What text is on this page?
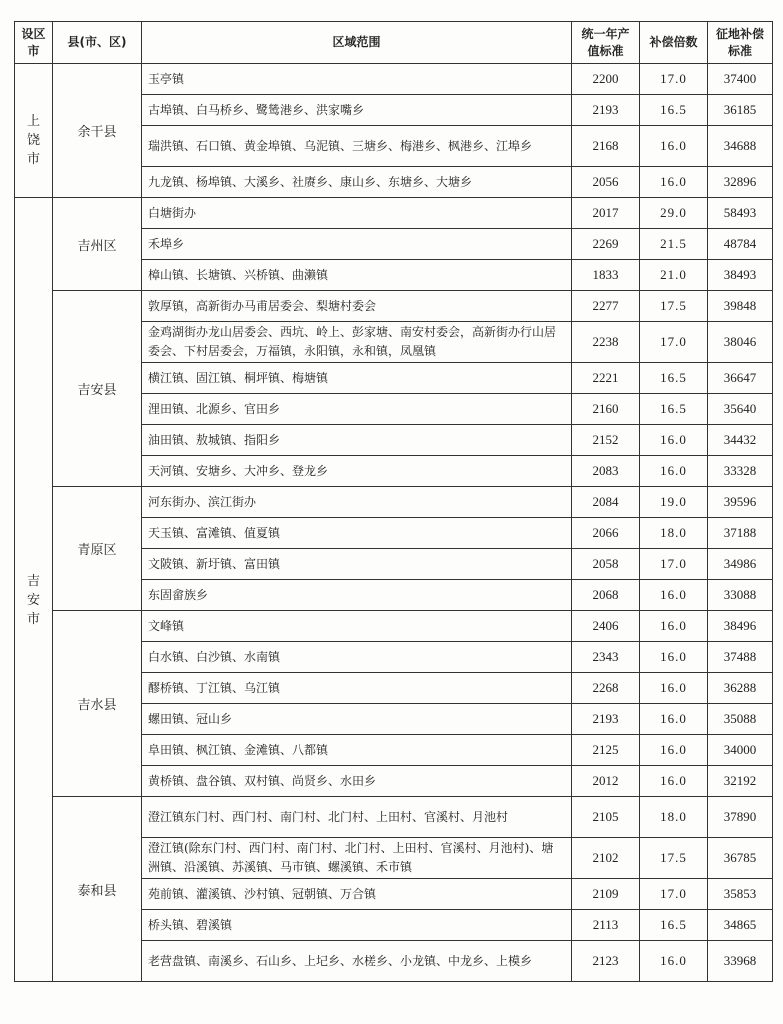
设区市	县(市、区)	区域范围	统一年产值标准	补偿倍数	征地补偿标准
上饶市	余干县	玉亭镇	2200	17.0	37400
		古埠镇、白马桥乡、鹭鸶港乡、洪家嘴乡	2193	16.5	36185
		瑞洪镇、石口镇、黄金埠镇、乌泥镇、三塘乡、梅港乡、枫港乡、江埠乡	2168	16.0	34688
		九龙镇、杨埠镇、大溪乡、社赓乡、康山乡、东塘乡、大塘乡	2056	16.0	32896
吉安市	吉州区	白塘街办	2017	29.0	58493
		禾埠乡	2269	21.5	48784
		樟山镇、长塘镇、兴桥镇、曲濑镇	1833	21.0	38493
	吉安县	敦厚镇，高新街办马甫居委会、梨塘村委会	2277	17.5	39848
		金鸡湖街办龙山居委会、西坑、岭上、彭家塘、南安村委会，高新街办行山居委会、下村居委会，万福镇，永阳镇，永和镇，凤凰镇	2238	17.0	38046
		横江镇、固江镇、桐坪镇、梅塘镇	2221	16.5	36647
		浬田镇、北源乡、官田乡	2160	16.5	35640
		油田镇、敖城镇、指阳乡	2152	16.0	34432
		天河镇、安塘乡、大冲乡、登龙乡	2083	16.0	33328
	青原区	河东街办、滨江街办	2084	19.0	39596
		天玉镇、富滩镇、值夏镇	2066	18.0	37188
		文陂镇、新圩镇、富田镇	2058	17.0	34986
		东固畲族乡	2068	16.0	33088
	吉水县	文峰镇	2406	16.0	38496
		白水镇、白沙镇、水南镇	2343	16.0	37488
		醪桥镇、丁江镇、乌江镇	2268	16.0	36288
		螺田镇、冠山乡	2193	16.0	35088
		阜田镇、枫江镇、金滩镇、八都镇	2125	16.0	34000
		黄桥镇、盘谷镇、双村镇、尚贤乡、水田乡	2012	16.0	32192
	泰和县	澄江镇东门村、西门村、南门村、北门村、上田村、官溪村、月池村	2105	18.0	37890
		澄江镇(除东门村、西门村、南门村、北门村、上田村、官溪村、月池村)、塘洲镇、沿溪镇、苏溪镇、马市镇、螺溪镇、禾市镇	2102	17.5	36785
		苑前镇、灌溪镇、沙村镇、冠朝镇、万合镇	2109	17.0	35853
		桥头镇、碧溪镇	2113	16.5	34865
		老营盘镇、南溪乡、石山乡、上圮乡、水槎乡、小龙镇、中龙乡、上模乡	2123	16.0	33968
